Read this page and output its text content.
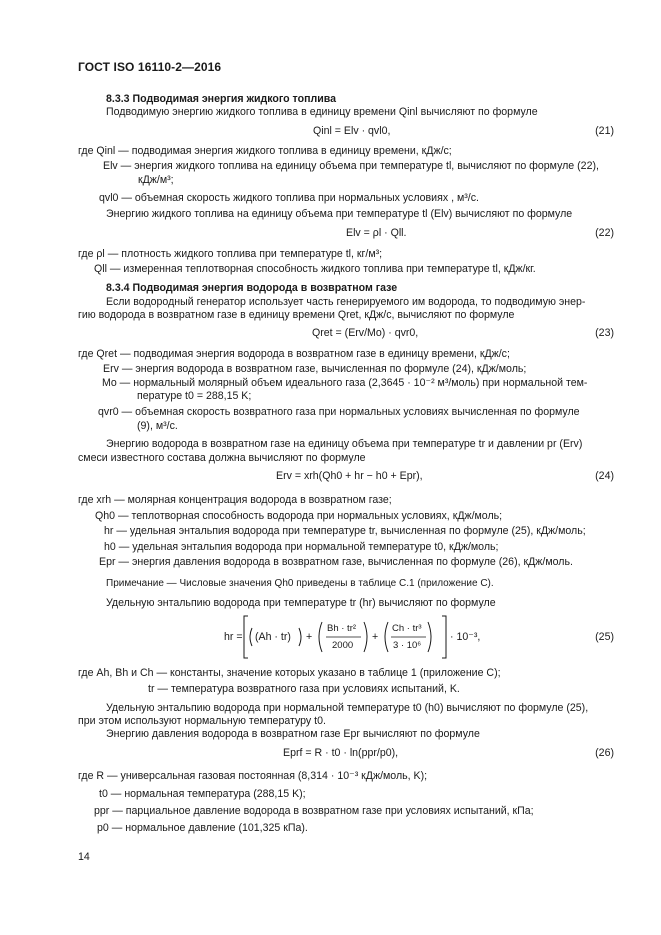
ГОСТ ISO 16110-2—2016
8.3.3 Подводимая энергия жидкого топлива
Подводимую энергию жидкого топлива в единицу времени Qinl вычисляют по формуле
Qinl = Elv · qvl0,	(21)
где Qinl — подводимая энергия жидкого топлива в единицу времени, кДж/с;
Elv — энергия жидкого топлива на единицу объема при температуре tl, вычисляют по формуле (22),
кДж/м³;
qvl0 — объемная скорость жидкого топлива при нормальных условиях , м³/с.
Энергию жидкого топлива на единицу объема при температуре tl (Elv) вычисляют по формуле
Elv = ρl · Qll.	(22)
где ρl — плотность жидкого топлива при температуре tl, кг/м³;
Qll — измеренная теплотворная способность жидкого топлива при температуре tl, кДж/кг.
8.3.4 Подводимая энергия водорода в возвратном газе
Если водородный генератор использует часть генерируемого им водорода, то подводимую энер-
гию водорода в возвратном газе в единицу времени Qret, кДж/с, вычисляют по формуле
Qret = (Erv/Mo) · qvr0,	(23)
где Qret — подводимая энергия водорода в возвратном газе в единицу времени, кДж/с;
Erv — энергия водорода в возвратном газе, вычисленная по формуле (24), кДж/моль;
Mo — нормальный молярный объем идеального газа (2,3645 · 10⁻² м³/моль) при нормальной тем-
пературе t0 = 288,15 K;
qvr0 — объемная скорость возвратного газа при нормальных условиях вычисленная по формуле
(9), м³/с.
Энергию водорода в возвратном газе на единицу объема при температуре tr и давлении pr (Erv)
смеси известного состава должна вычисляют по формуле
Erv = xrh(Qh0 + hr − h0 + Epr),	(24)
где xrh — молярная концентрация водорода в возвратном газе;
Qh0 — теплотворная способность водорода при нормальных условиях, кДж/моль;
hr — удельная энтальпия водорода при температуре tr, вычисленная по формуле (25), кДж/моль;
h0 — удельная энтальпия водорода при нормальной температуре t0, кДж/моль;
Epr — энергия давления водорода в возвратном газе, вычисленная по формуле (26), кДж/моль.
Примечание — Числовые значения Qh0 приведены в таблице С.1 (приложение С).
Удельную энтальпию водорода при температуре tr (hr) вычисляют по формуле
hr = (Ah · tr) +
Bh · tr²
2000
+
Ch · tr³
3 · 10⁶
· 10⁻³,	(25)
где Ah, Bh и Ch — константы, значение которых указано в таблице 1 (приложение С);
tr — температура возвратного газа при условиях испытаний, K.
Удельную энтальпию водорода при нормальной температуре t0 (h0) вычисляют по формуле (25),
при этом используют нормальную температуру t0.
Энергию давления водорода в возвратном газе Epr вычисляют по формуле
Eprf = R · t0 · ln(ppr/p0),	(26)
где R — универсальная газовая постоянная (8,314 · 10⁻³ кДж/моль, K);
t0 — нормальная температура (288,15 K);
ppr — парциальное давление водорода в возвратном газе при условиях испытаний, кПа;
p0 — нормальное давление (101,325 кПа).
14
